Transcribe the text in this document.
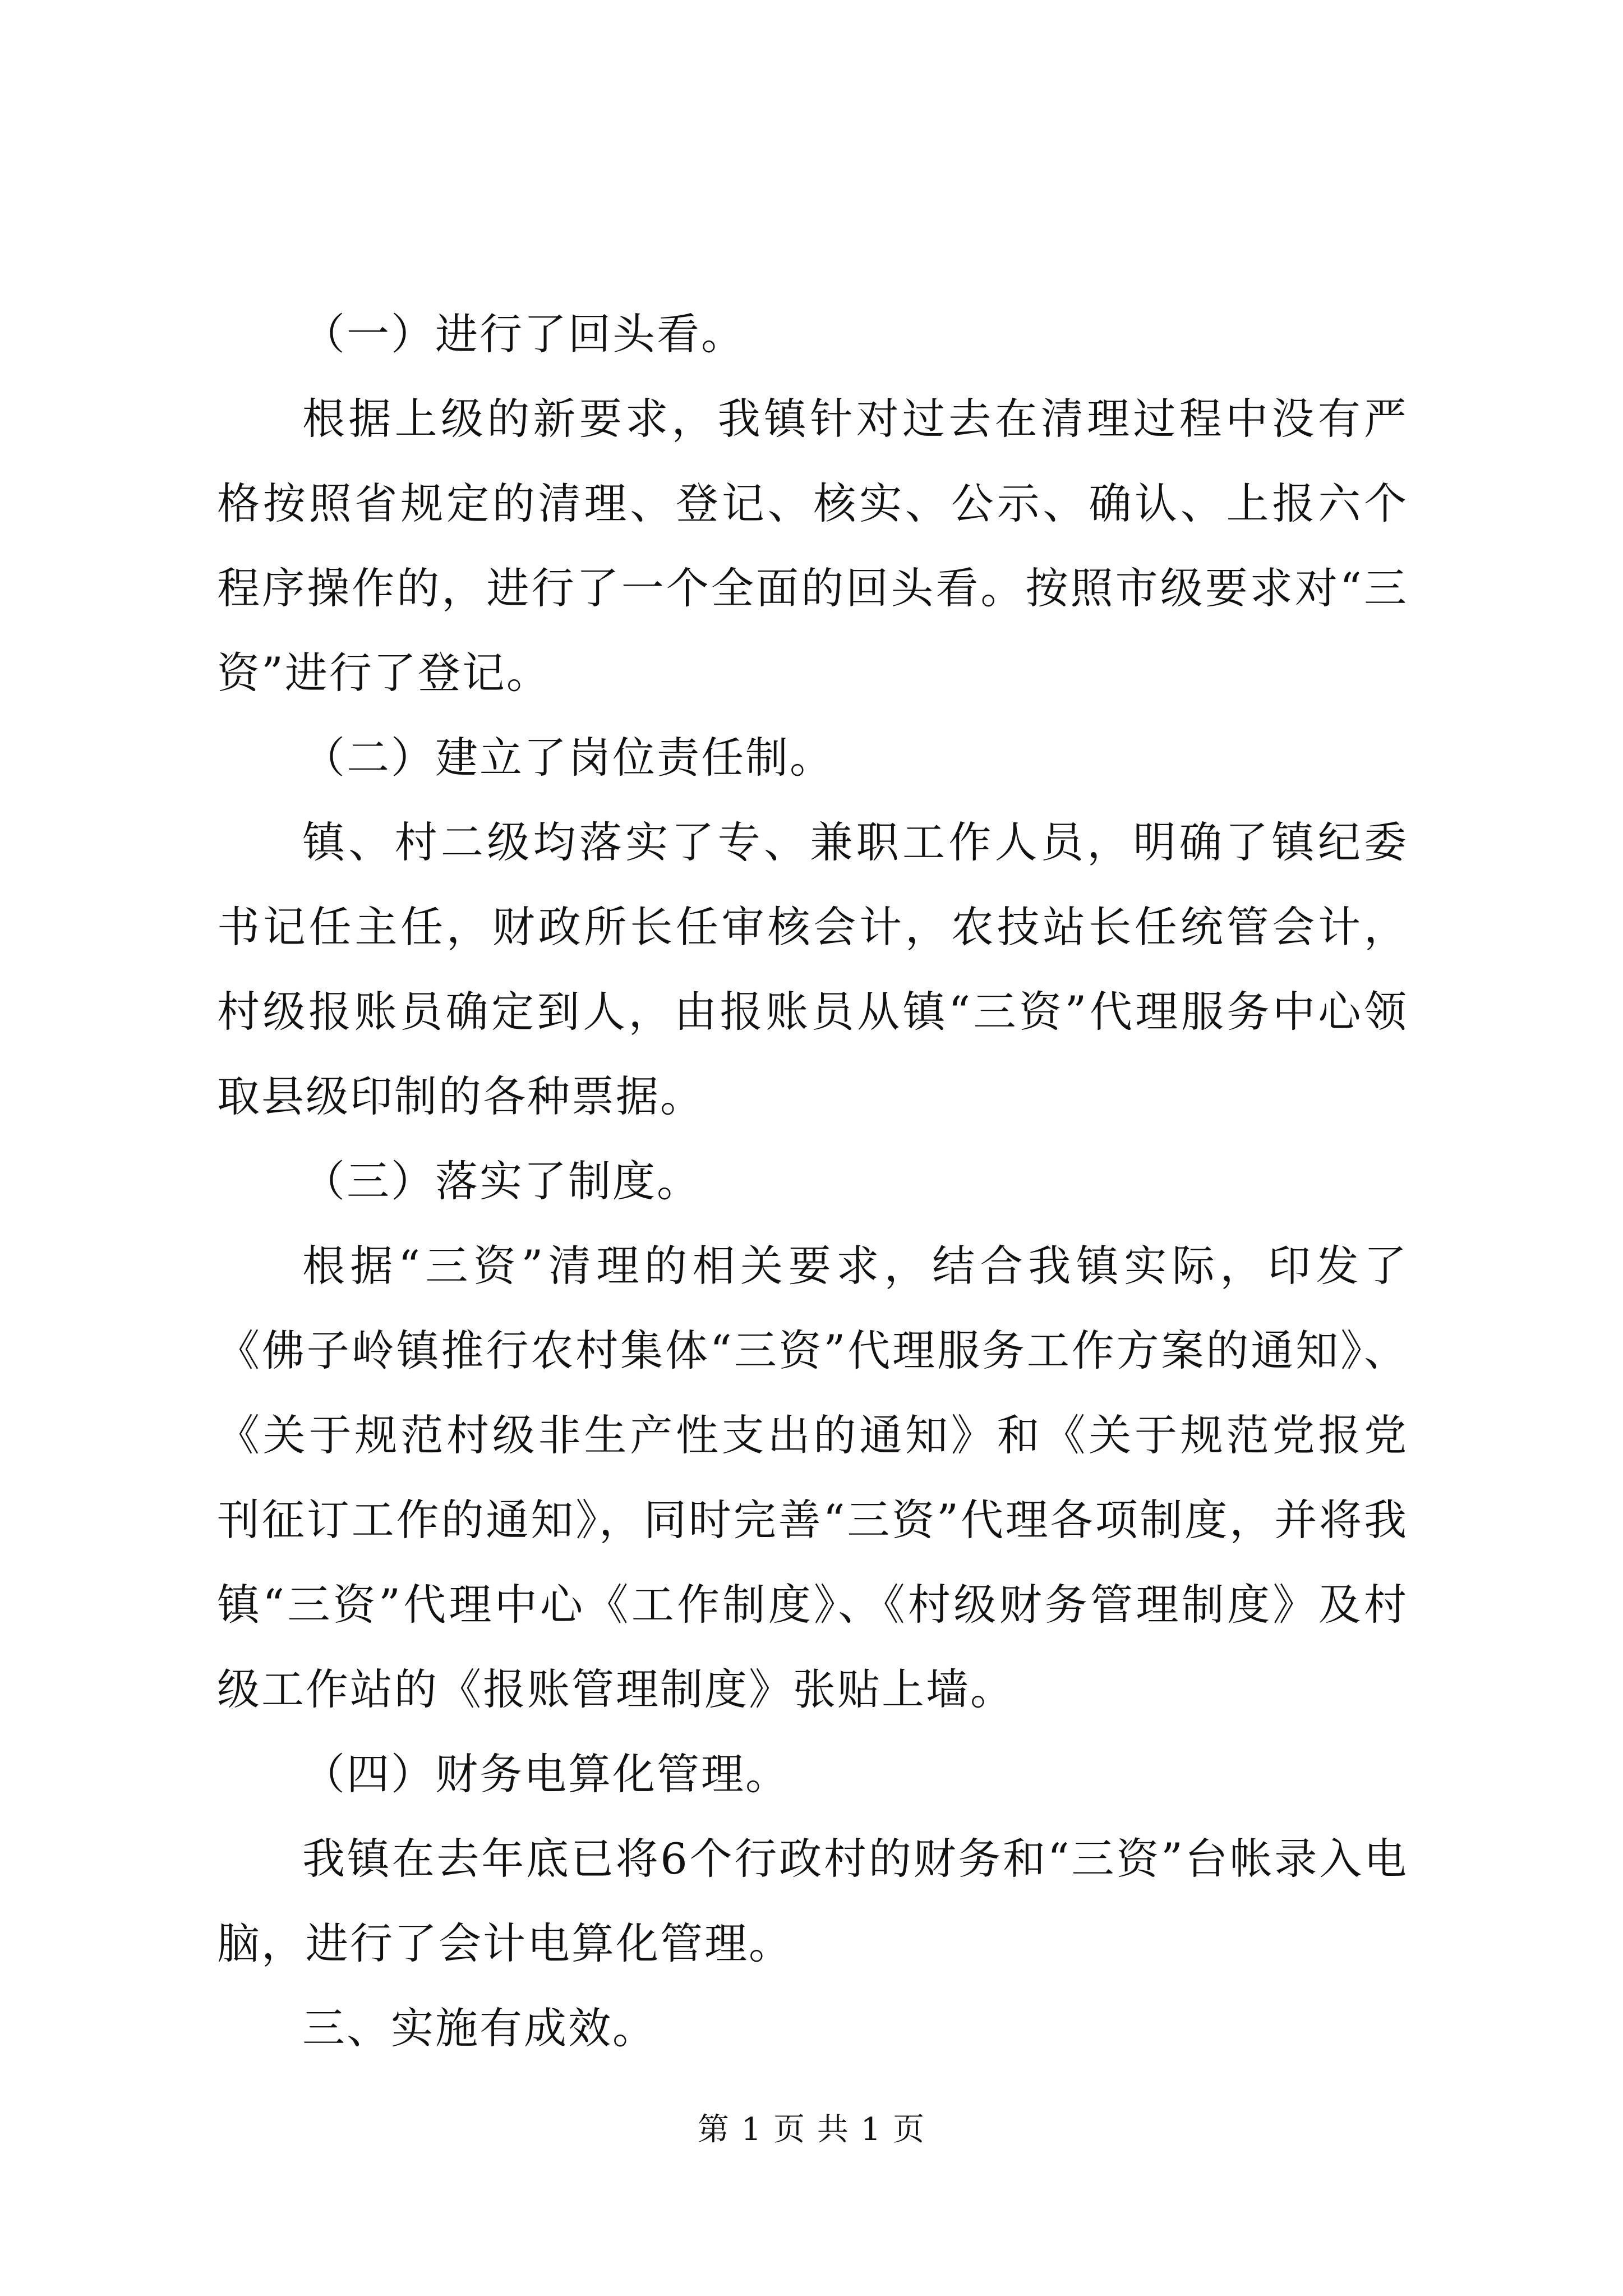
（一）进行了回头看。

根据上级的新要求，我镇针对过去在清理过程中没有严格按照省规定的清理、登记、核实、公示、确认、上报六个程序操作的，进行了一个全面的回头看。按照市级要求对“三资”进行了登记。

（二）建立了岗位责任制。

镇、村二级均落实了专、兼职工作人员，明确了镇纪委书记任主任，财政所长任审核会计，农技站长任统管会计，村级报账员确定到人，由报账员从镇“三资”代理服务中心领取县级印制的各种票据。

（三）落实了制度。

根据“三资”清理的相关要求，结合我镇实际，印发了《佛子岭镇推行农村集体“三资”代理服务工作方案的通知》、《关于规范村级非生产性支出的通知》和《关于规范党报党刊征订工作的通知》，同时完善“三资”代理各项制度，并将我镇“三资”代理中心《工作制度》、《村级财务管理制度》及村级工作站的《报账管理制度》张贴上墙。

（四）财务电算化管理。

我镇在去年底已将6个行政村的财务和“三资”台帐录入电脑，进行了会计电算化管理。

三、实施有成效。

第 1 页 共 1 页
